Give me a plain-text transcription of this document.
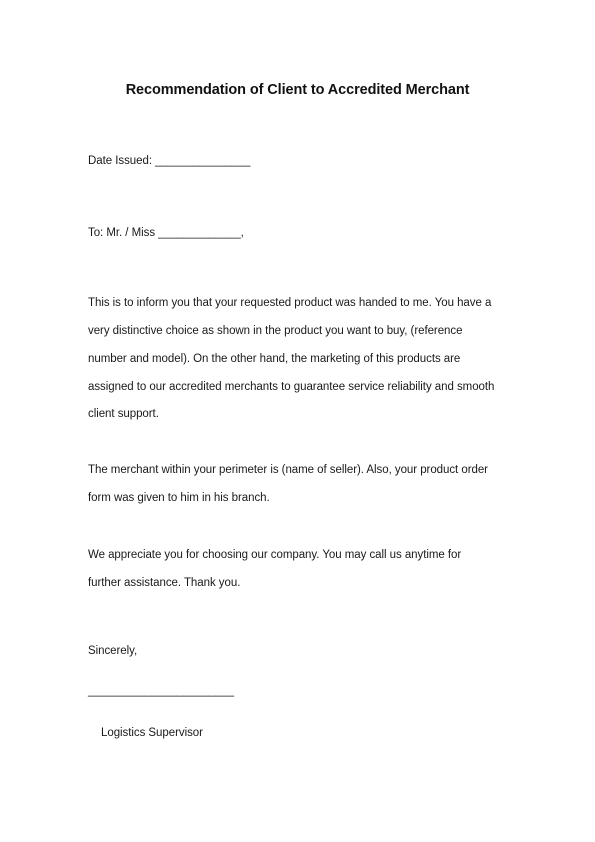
Recommendation of Client to Accredited Merchant
Date Issued: _______________
To: Mr. / Miss _____________,
This is to inform you that your requested product was handed to me. You have a
very distinctive choice as shown in the product you want to buy, (reference
number and model). On the other hand, the marketing of this products are
assigned to our accredited merchants to guarantee service reliability and smooth
client support.
The merchant within your perimeter is (name of seller). Also, your product order
form was given to him in his branch.
We appreciate you for choosing our company. You may call us anytime for
further assistance. Thank you.
Sincerely,
_______________________
Logistics Supervisor
